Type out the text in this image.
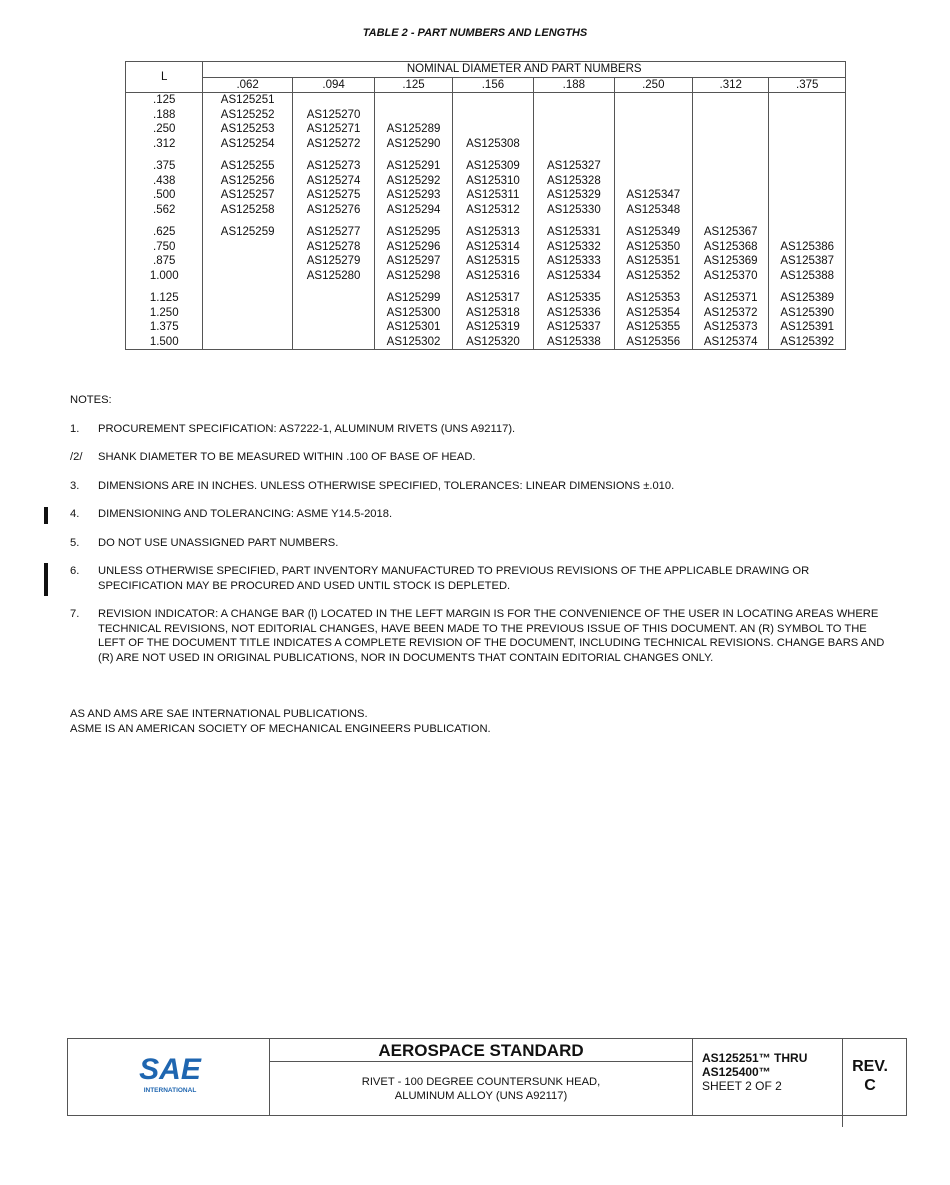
TABLE 2 - PART NUMBERS AND LENGTHS
L	NOMINAL DIAMETER AND PART NUMBERS							
	.062	.094	.125	.156	.188	.250	.312	.375
.125	AS125251							
.188	AS125252	AS125270						
.250	AS125253	AS125271	AS125289					
.312	AS125254	AS125272	AS125290	AS125308				

.375	AS125255	AS125273	AS125291	AS125309	AS125327			
.438	AS125256	AS125274	AS125292	AS125310	AS125328			
.500	AS125257	AS125275	AS125293	AS125311	AS125329	AS125347		
.562	AS125258	AS125276	AS125294	AS125312	AS125330	AS125348		

.625	AS125259	AS125277	AS125295	AS125313	AS125331	AS125349	AS125367	
.750		AS125278	AS125296	AS125314	AS125332	AS125350	AS125368	AS125386
.875		AS125279	AS125297	AS125315	AS125333	AS125351	AS125369	AS125387
1.000		AS125280	AS125298	AS125316	AS125334	AS125352	AS125370	AS125388

1.125			AS125299	AS125317	AS125335	AS125353	AS125371	AS125389
1.250			AS125300	AS125318	AS125336	AS125354	AS125372	AS125390
1.375			AS125301	AS125319	AS125337	AS125355	AS125373	AS125391
1.500			AS125302	AS125320	AS125338	AS125356	AS125374	AS125392
NOTES:
1.	PROCUREMENT SPECIFICATION: AS7222-1, ALUMINUM RIVETS (UNS A92117).
/2/	SHANK DIAMETER TO BE MEASURED WITHIN .100 OF BASE OF HEAD.
3.	DIMENSIONS ARE IN INCHES. UNLESS OTHERWISE SPECIFIED, TOLERANCES: LINEAR DIMENSIONS ±.010.
4.	DIMENSIONING AND TOLERANCING: ASME Y14.5-2018.
5.	DO NOT USE UNASSIGNED PART NUMBERS.
6.	UNLESS OTHERWISE SPECIFIED, PART INVENTORY MANUFACTURED TO PREVIOUS REVISIONS OF THE APPLICABLE DRAWING OR SPECIFICATION MAY BE PROCURED AND USED UNTIL STOCK IS DEPLETED.
7.	REVISION INDICATOR: A CHANGE BAR (l) LOCATED IN THE LEFT MARGIN IS FOR THE CONVENIENCE OF THE USER IN LOCATING AREAS WHERE TECHNICAL REVISIONS, NOT EDITORIAL CHANGES, HAVE BEEN MADE TO THE PREVIOUS ISSUE OF THIS DOCUMENT. AN (R) SYMBOL TO THE LEFT OF THE DOCUMENT TITLE INDICATES A COMPLETE REVISION OF THE DOCUMENT, INCLUDING TECHNICAL REVISIONS. CHANGE BARS AND (R) ARE NOT USED IN ORIGINAL PUBLICATIONS, NOR IN DOCUMENTS THAT CONTAIN EDITORIAL CHANGES ONLY.
AS AND AMS ARE SAE INTERNATIONAL PUBLICATIONS.
ASME IS AN AMERICAN SOCIETY OF MECHANICAL ENGINEERS PUBLICATION.
SAE
INTERNATIONAL
AEROSPACE STANDARD
RIVET - 100 DEGREE COUNTERSUNK HEAD,
ALUMINUM ALLOY (UNS A92117)
AS125251™ THRU
AS125400™
SHEET 2 OF 2
REV.
C
